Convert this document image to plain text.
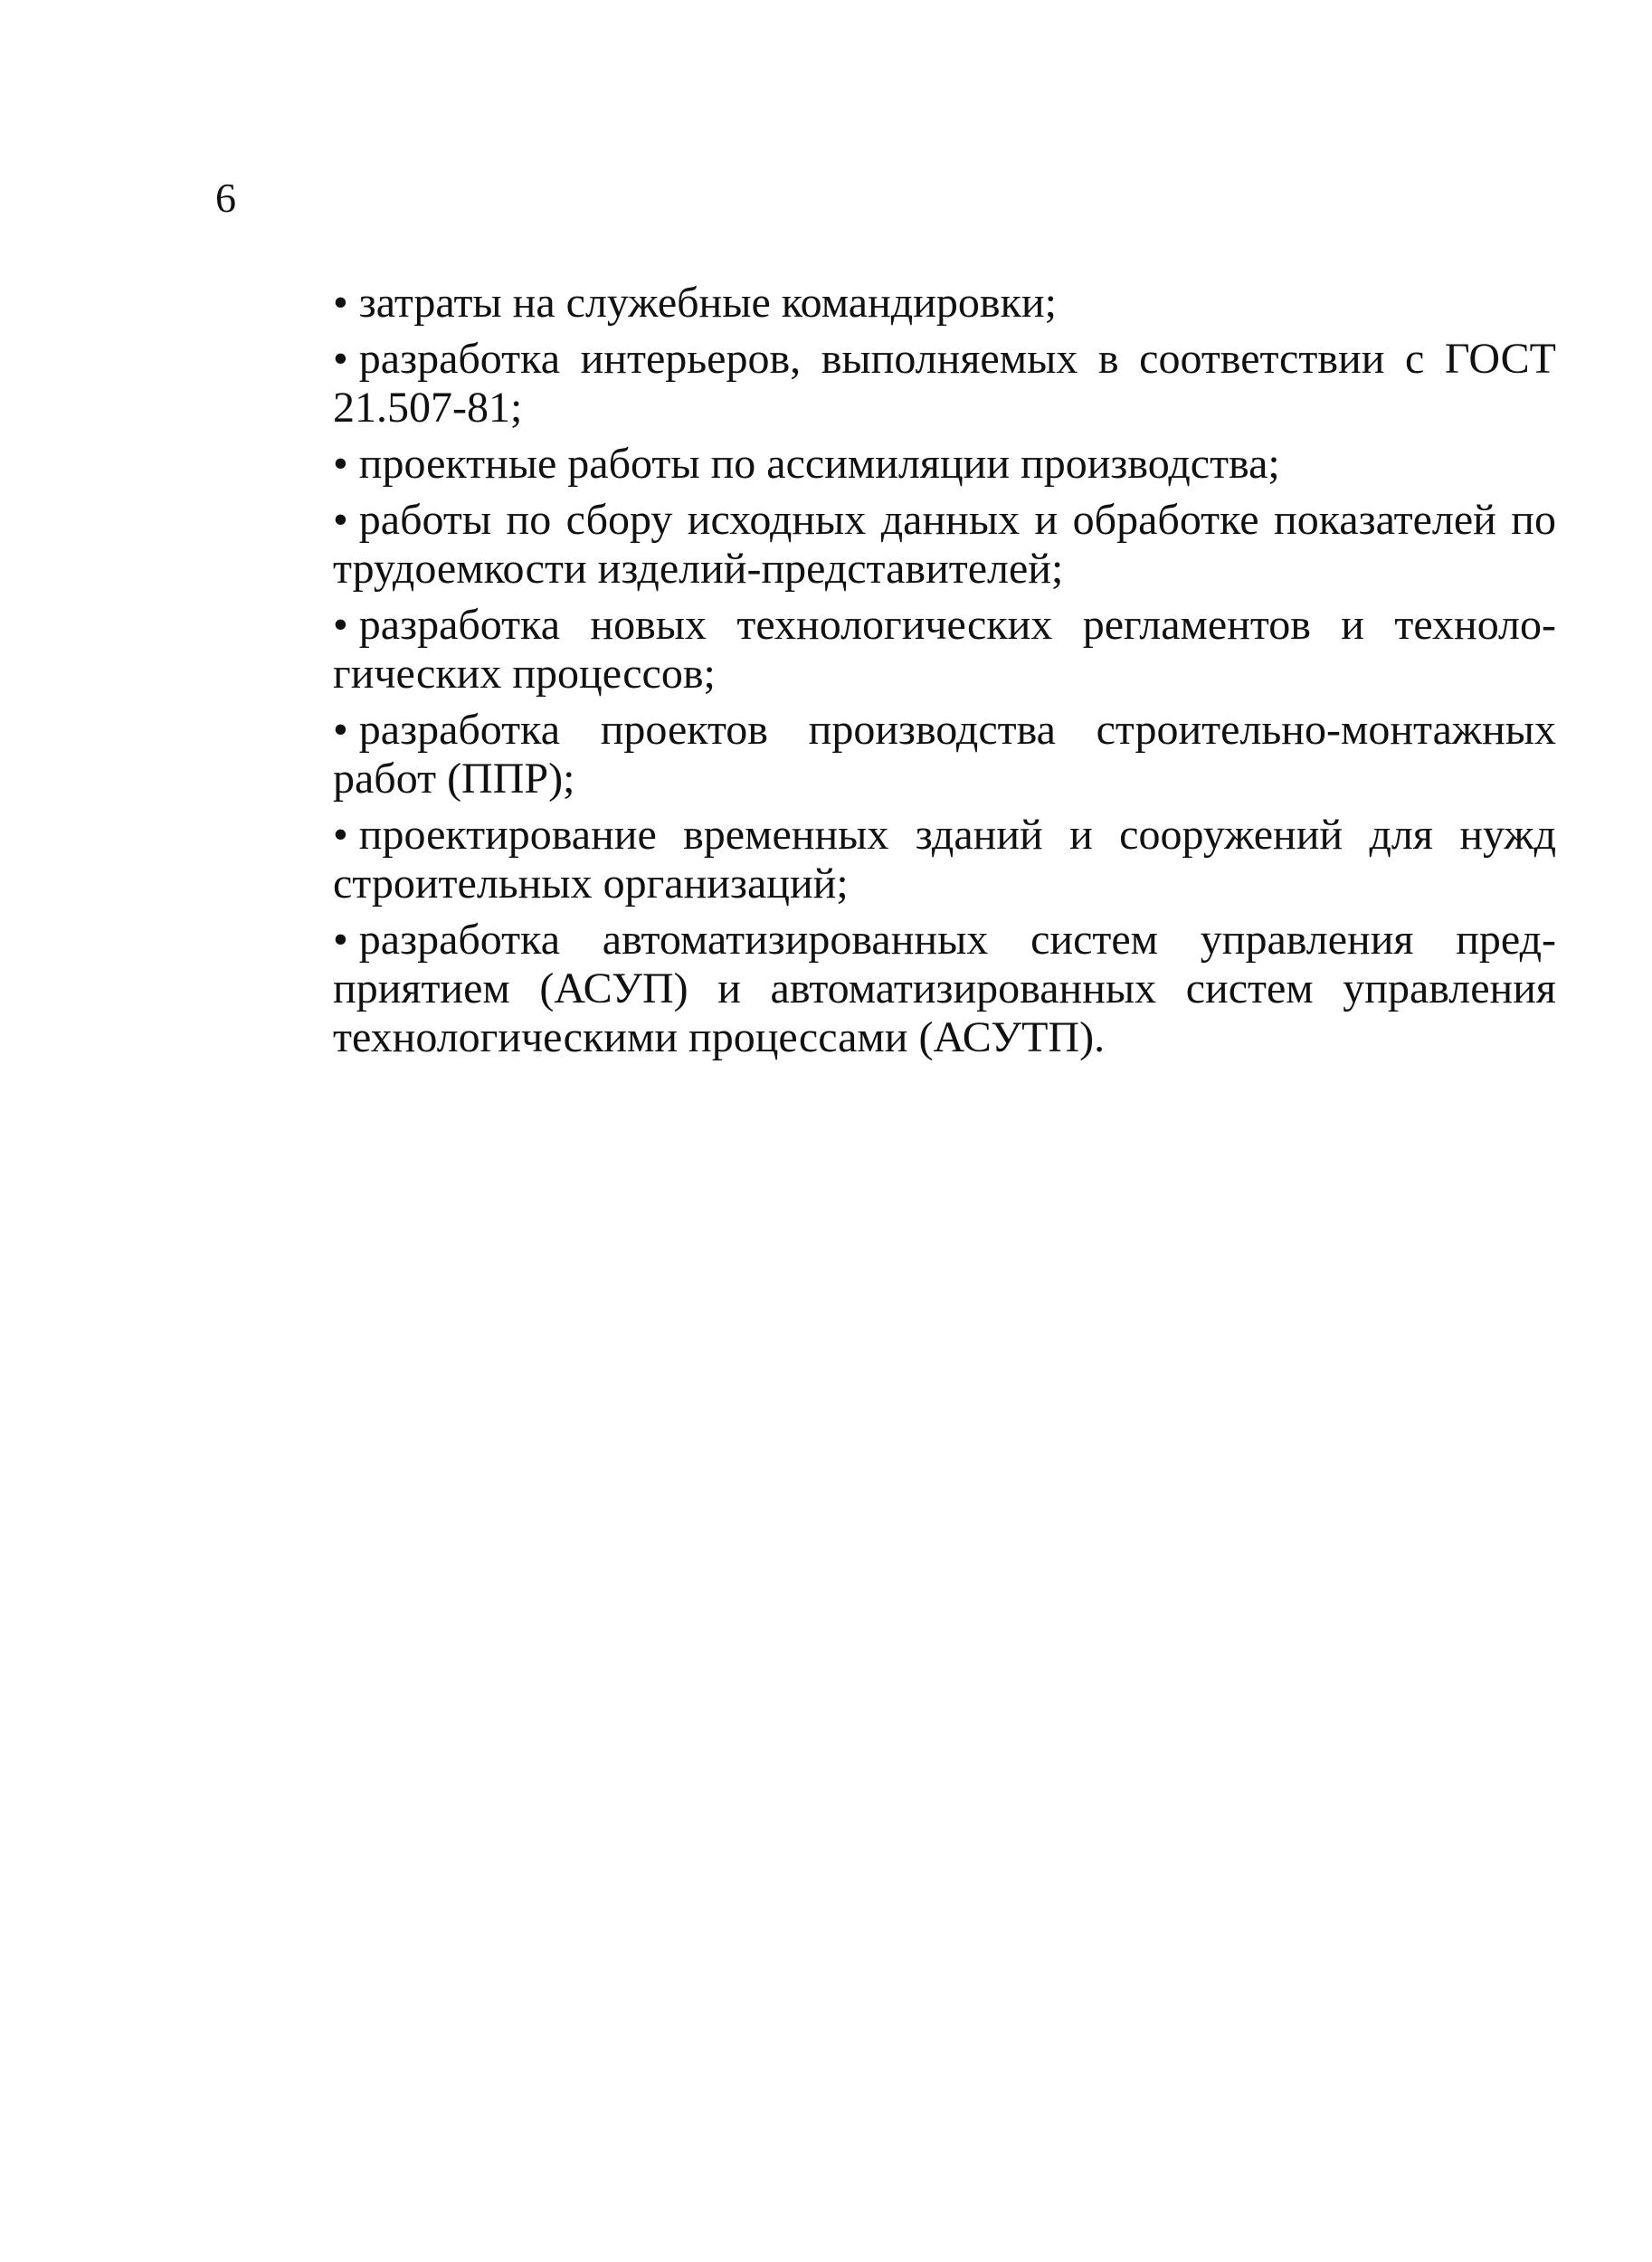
6

• затраты на служебные командировки;

• разработка интерьеров, выполняемых в соответствии с ГОСТ 21.507-81;

• проектные работы по ассимиляции производства;

• работы по сбору исходных данных и обработке показателей по трудоемкости изделий-представителей;

• разработка новых технологических регламентов и технологических процессов;

• разработка проектов производства строительно-монтажных работ (ППР);

• проектирование временных зданий и сооружений для нужд строительных организаций;

• разработка автоматизированных систем управления предприятием (АСУП) и автоматизированных систем управления технологическими процессами (АСУТП).
